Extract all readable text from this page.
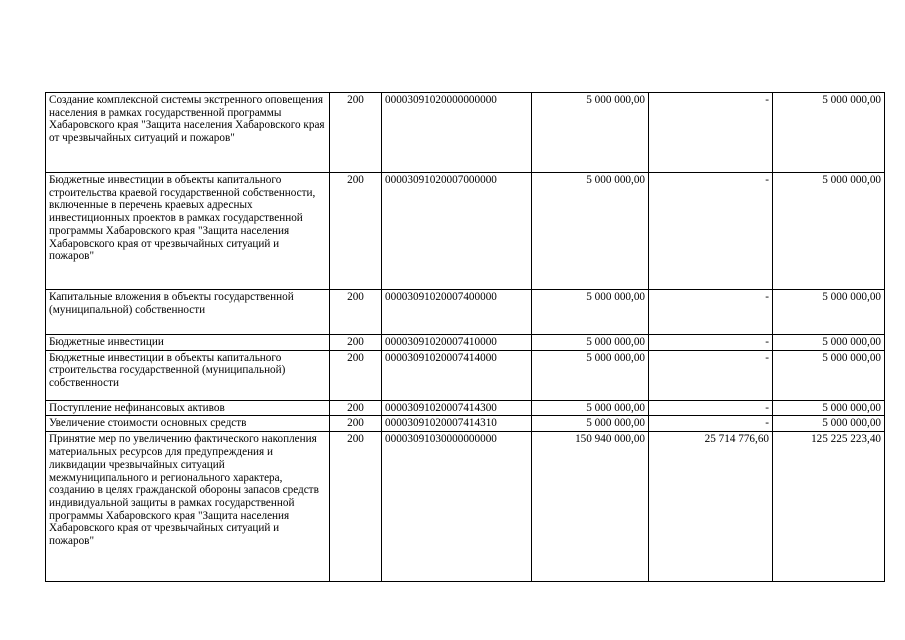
Создание комплексной системы экстренного оповещения населения в рамках государственной программы Хабаровского края "Защита населения Хабаровского края от чрезвычайных ситуаций и пожаров"	200	00003091020000000000	5 000 000,00	-	5 000 000,00
Бюджетные инвестиции в объекты капитального строительства краевой государственной собственности, включенные в перечень краевых адресных инвестиционных проектов в рамках государственной программы Хабаровского края "Защита населения Хабаровского края от чрезвычайных ситуаций и пожаров"	200	00003091020007000000	5 000 000,00	-	5 000 000,00
Капитальные вложения в объекты государственной (муниципальной) собственности	200	00003091020007400000	5 000 000,00	-	5 000 000,00
Бюджетные инвестиции	200	00003091020007410000	5 000 000,00	-	5 000 000,00
Бюджетные инвестиции в объекты капитального строительства государственной (муниципальной) собственности	200	00003091020007414000	5 000 000,00	-	5 000 000,00
Поступление нефинансовых активов	200	00003091020007414300	5 000 000,00	-	5 000 000,00
Увеличение стоимости основных средств	200	00003091020007414310	5 000 000,00	-	5 000 000,00
Принятие мер по увеличению фактического накопления материальных ресурсов для предупреждения и ликвидации чрезвычайных ситуаций межмуниципального и регионального характера, созданию в целях гражданской обороны запасов средств индивидуальной защиты в рамках государственной программы Хабаровского края "Защита населения Хабаровского края от чрезвычайных ситуаций и пожаров"	200	00003091030000000000	150 940 000,00	25 714 776,60	125 225 223,40
